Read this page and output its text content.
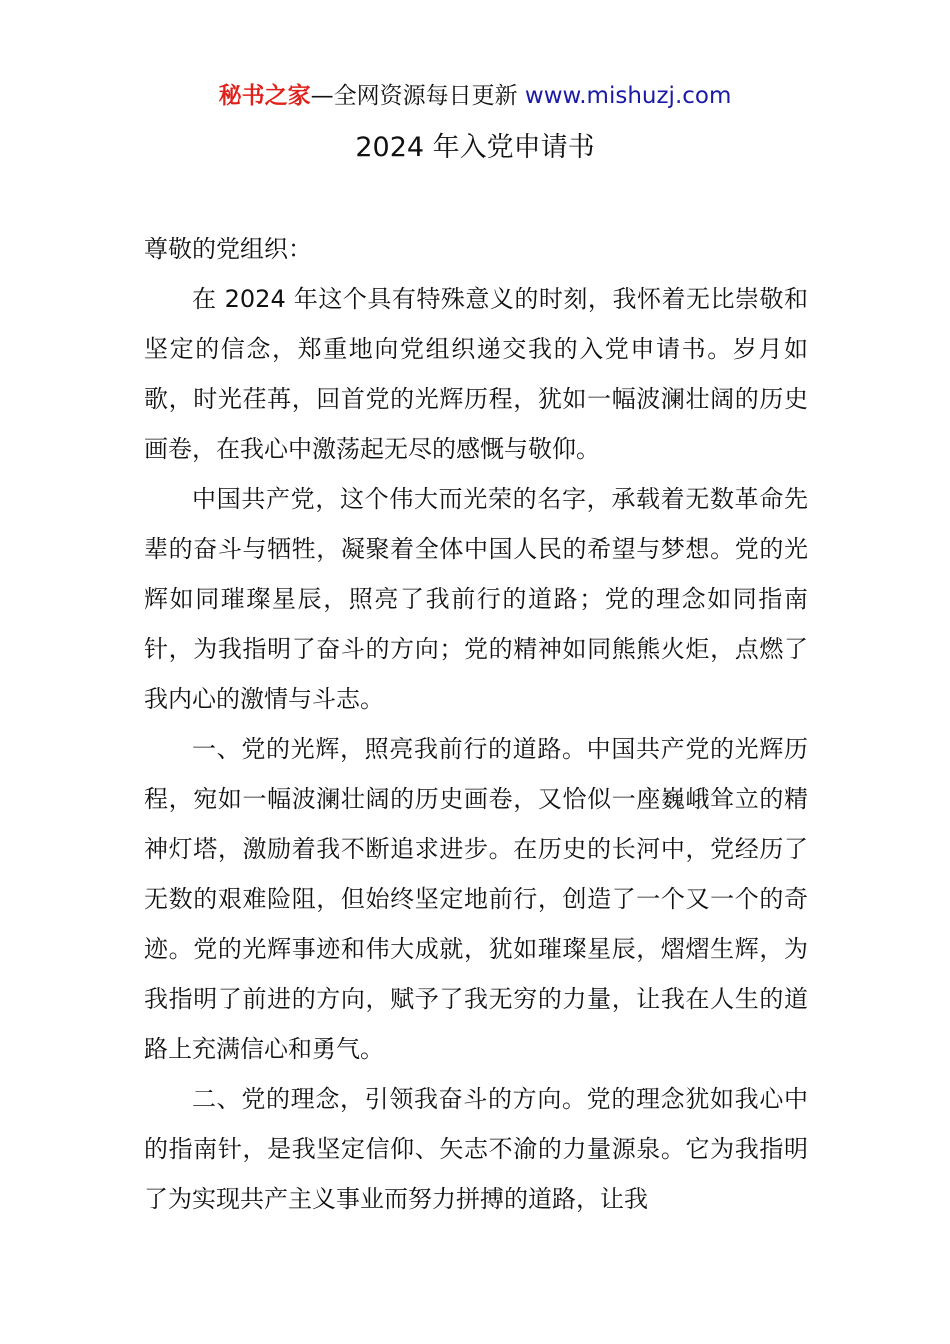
秘书之家—全网资源每日更新 www.mishuzj.com
2024 年入党申请书

尊敬的党组织：

在 2024 年这个具有特殊意义的时刻，我怀着无比崇敬和坚定的信念，郑重地向党组织递交我的入党申请书。岁月如歌，时光荏苒，回首党的光辉历程，犹如一幅波澜壮阔的历史画卷，在我心中激荡起无尽的感慨与敬仰。

中国共产党，这个伟大而光荣的名字，承载着无数革命先辈的奋斗与牺牲，凝聚着全体中国人民的希望与梦想。党的光辉如同璀璨星辰，照亮了我前行的道路；党的理念如同指南针，为我指明了奋斗的方向；党的精神如同熊熊火炬，点燃了我内心的激情与斗志。

一、党的光辉，照亮我前行的道路。中国共产党的光辉历程，宛如一幅波澜壮阔的历史画卷，又恰似一座巍峨耸立的精神灯塔，激励着我不断追求进步。在历史的长河中，党经历了无数的艰难险阻，但始终坚定地前行，创造了一个又一个的奇迹。党的光辉事迹和伟大成就，犹如璀璨星辰，熠熠生辉，为我指明了前进的方向，赋予了我无穷的力量，让我在人生的道路上充满信心和勇气。

二、党的理念，引领我奋斗的方向。党的理念犹如我心中的指南针，是我坚定信仰、矢志不渝的力量源泉。它为我指明了为实现共产主义事业而努力拼搏的道路，让我
